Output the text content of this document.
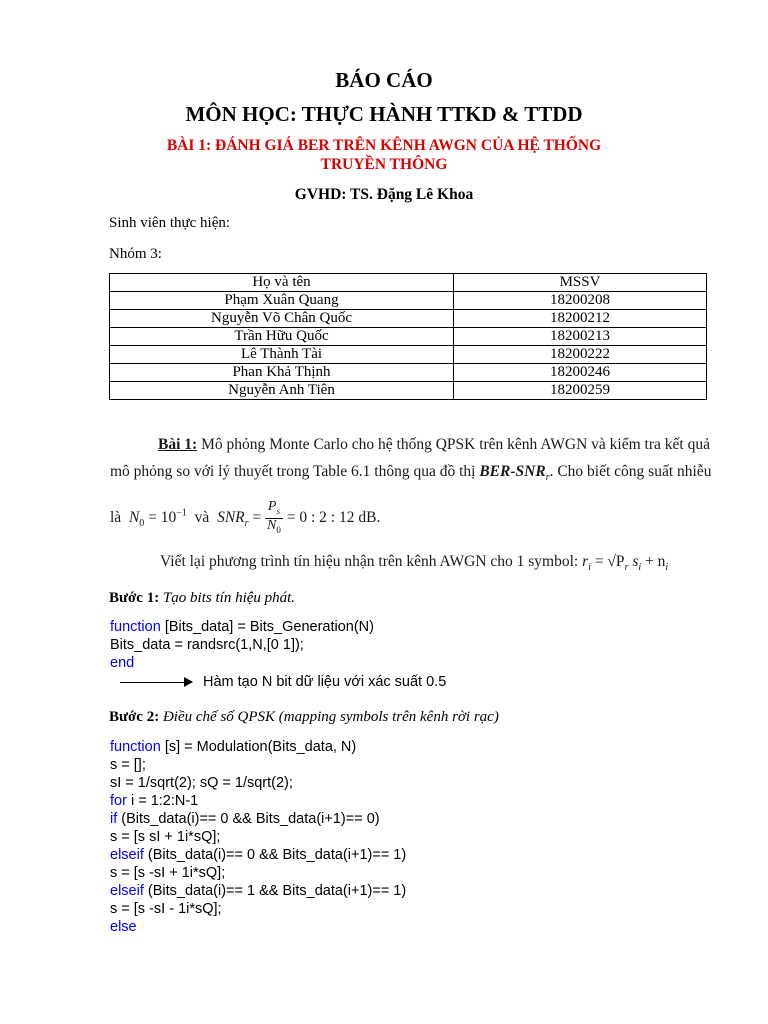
BÁO CÁO
MÔN HỌC: THỰC HÀNH TTKD & TTDD
BÀI 1: ĐÁNH GIÁ BER TRÊN KÊNH AWGN CỦA HỆ THỐNG
TRUYỀN THÔNG
GVHD: TS. Đặng Lê Khoa
Sinh viên thực hiện:
Nhóm 3:
Họ và tên	MSSV
Phạm Xuân Quang	18200208
Nguyễn Võ Chân Quốc	18200212
Trần Hữu Quốc	18200213
Lê Thành Tài	18200222
Phan Khả Thịnh	18200246
Nguyễn Anh Tiên	18200259
Bài 1: Mô phỏng Monte Carlo cho hệ thống QPSK trên kênh AWGN và kiểm tra kết quả
mô phỏng so với lý thuyết trong Table 6.1 thông qua đồ thị BER-$SNR_r$. Cho biết công suất nhiễu
là $N_0 = 10^{-1}$ và $SNR_r = \frac{P_s}{N_0} = 0$ : 2 : 12 dB.
Viết lại phương trình tín hiệu nhận trên kênh AWGN cho 1 symbol: $r_i = √P_r$ $s_i + n_i$
Bước 1: Tạo bits tín hiệu phát.
function [Bits_data] = Bits_Generation(N)
Bits_data = randsrc(1,N,[0 1]);
end
Hàm tạo N bit dữ liệu với xác suất 0.5
Bước 2: Điều chế số QPSK (mapping symbols trên kênh rời rạc)
function [s] = Modulation(Bits_data, N)
s = [];
sI = 1/sqrt(2); sQ = 1/sqrt(2);
for i = 1:2:N-1
if (Bits_data(i)== 0 && Bits_data(i+1)== 0)
s = [s sI + 1i*sQ];
elseif (Bits_data(i)== 0 && Bits_data(i+1)== 1)
s = [s -sI + 1i*sQ];
elseif (Bits_data(i)== 1 && Bits_data(i+1)== 1)
s = [s -sI - 1i*sQ];
else
